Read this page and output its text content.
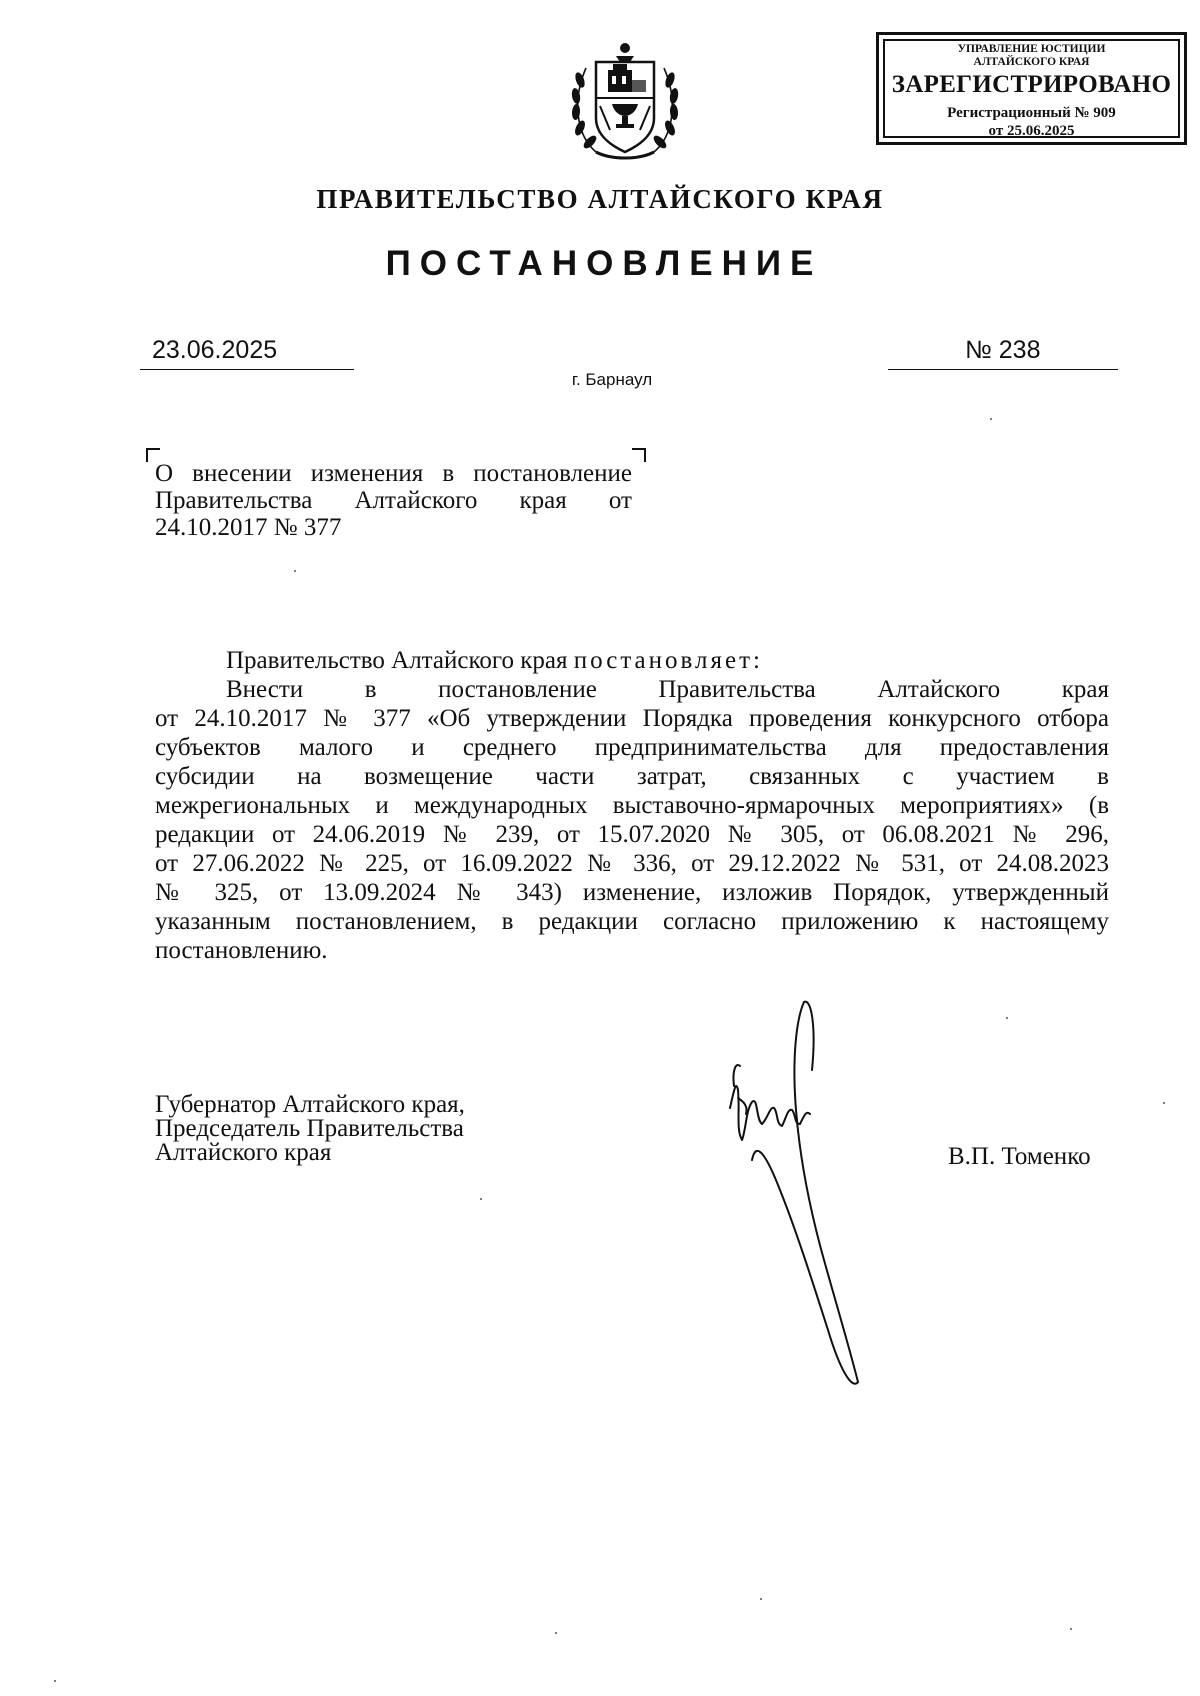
УПРАВЛЕНИЕ ЮСТИЦИИ
АЛТАЙСКОГО КРАЯ
ЗАРЕГИСТРИРОВАНО
Регистрационный № 909
от 25.06.2025
ПРАВИТЕЛЬСТВО АЛТАЙСКОГО КРАЯ
ПОСТАНОВЛЕНИЕ
23.06.2025	№ 238
г. Барнаул

О внесении изменения в постановление

Правительства Алтайского края от

24.10.2017 № 377

Правительство Алтайского края постановляет:

Внести в постановление Правительства Алтайского края

от 24.10.2017 № 377 «Об утверждении Порядка проведения конкурсного отбора

субъектов малого и среднего предпринимательства для предоставления

субсидии на возмещение части затрат, связанных с участием в

межрегиональных и международных выставочно-ярмарочных мероприятиях» (в

редакции от 24.06.2019 № 239, от 15.07.2020 № 305, от 06.08.2021 № 296,

от 27.06.2022 № 225, от 16.09.2022 № 336, от 29.12.2022 № 531, от 24.08.2023

№ 325, от 13.09.2024 № 343) изменение, изложив Порядок, утвержденный

указанным постановлением, в редакции согласно приложению к настоящему

постановлению.

Губернатор Алтайского края,
Председатель Правительства
Алтайского края	В.П. Томенко
